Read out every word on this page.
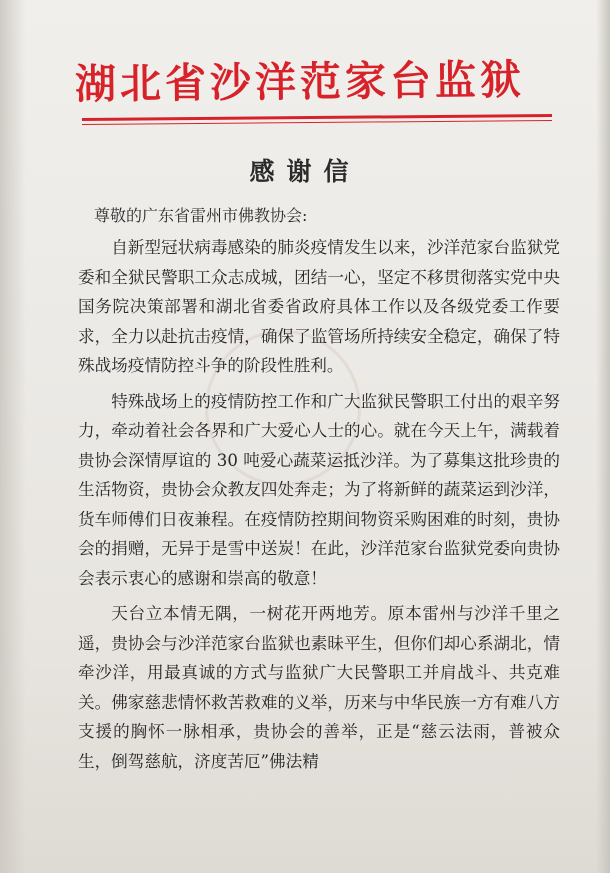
湖北省沙洋范家台监狱
感谢信
尊敬的广东省雷州市佛教协会:

自新型冠状病毒感染的肺炎疫情发生以来，沙洋范家台监狱党委和全狱民警职工众志成城，团结一心，坚定不移贯彻落实党中央国务院决策部署和湖北省委省政府具体工作以及各级党委工作要求，全力以赴抗击疫情，确保了监管场所持续安全稳定，确保了特殊战场疫情防控斗争的阶段性胜利。

特殊战场上的疫情防控工作和广大监狱民警职工付出的艰辛努力，牵动着社会各界和广大爱心人士的心。就在今天上午，满载着贵协会深情厚谊的 30 吨爱心蔬菜运抵沙洋。为了募集这批珍贵的生活物资，贵协会众教友四处奔走；为了将新鲜的蔬菜运到沙洋，货车师傅们日夜兼程。在疫情防控期间物资采购困难的时刻，贵协会的捐赠，无异于是雪中送炭！在此，沙洋范家台监狱党委向贵协会表示衷心的感谢和崇高的敬意！

天台立本情无隅，一树花开两地芳。原本雷州与沙洋千里之遥，贵协会与沙洋范家台监狱也素昧平生，但你们却心系湖北，情牵沙洋，用最真诚的方式与监狱广大民警职工并肩战斗、共克难关。佛家慈悲情怀救苦救难的义举，历来与中华民族一方有难八方支援的胸怀一脉相承，贵协会的善举，正是“慈云法雨，普被众生，倒驾慈航，济度苦厄”佛法精
